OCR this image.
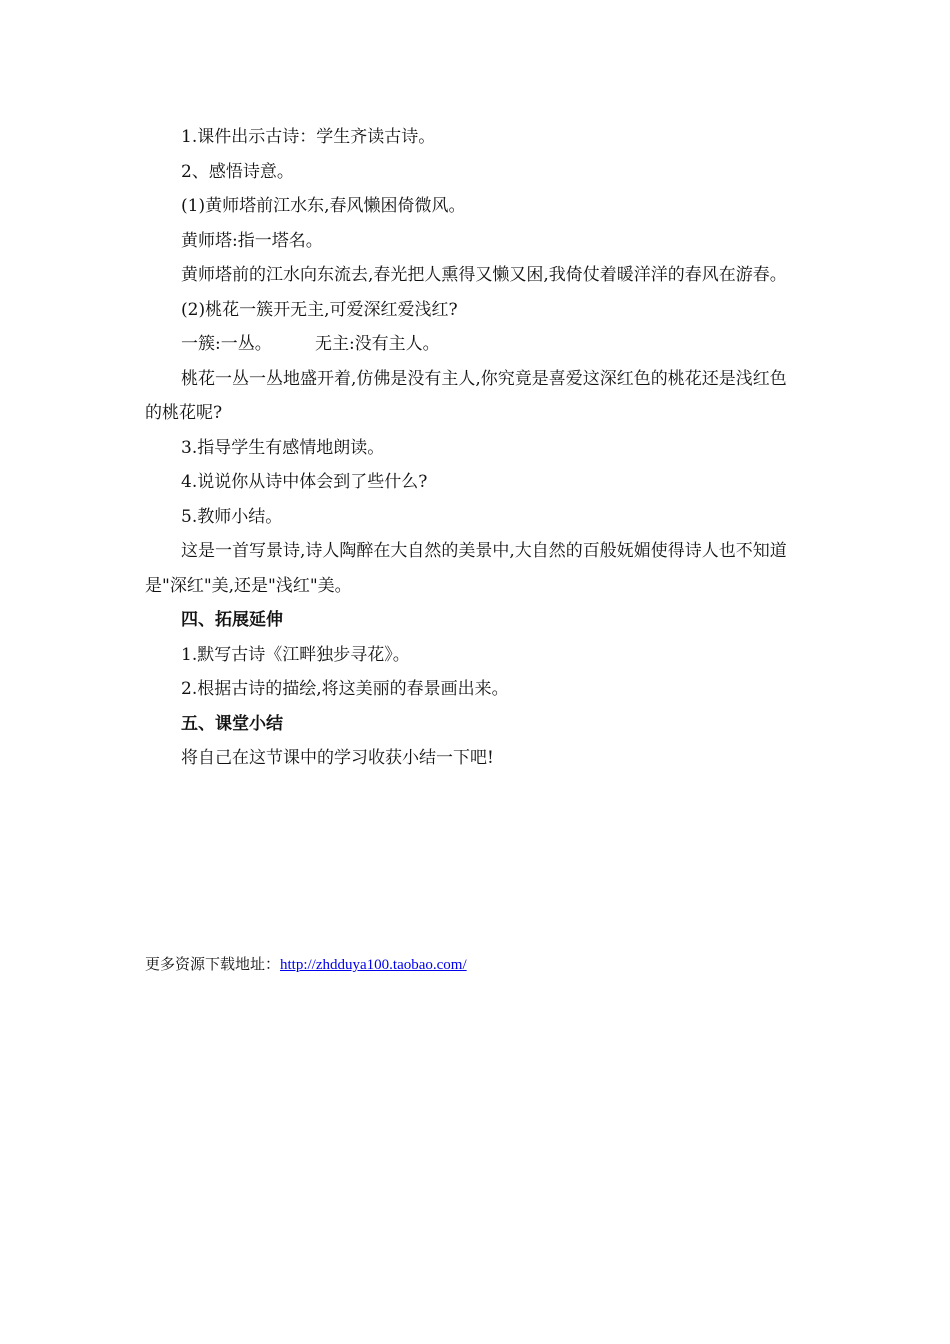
1.课件出示古诗：学生齐读古诗。

2、感悟诗意。

(1)黄师塔前江水东,春风懒困倚微风。

黄师塔:指一塔名。

黄师塔前的江水向东流去,春光把人熏得又懒又困,我倚仗着暖洋洋的春风在游春。

(2)桃花一簇开无主,可爱深红爱浅红?

一簇:一丛。        无主:没有主人。

桃花一丛一丛地盛开着,仿佛是没有主人,你究竟是喜爱这深红色的桃花还是浅红色的桃花呢?

3.指导学生有感情地朗读。

4.说说你从诗中体会到了些什么?

5.教师小结。

这是一首写景诗,诗人陶醉在大自然的美景中,大自然的百般妩媚使得诗人也不知道是"深红"美,还是"浅红"美。

四、拓展延伸

1.默写古诗《江畔独步寻花》。

2.根据古诗的描绘,将这美丽的春景画出来。

五、课堂小结

将自己在这节课中的学习收获小结一下吧!

更多资源下载地址：http://zhdduya100.taobao.com/
